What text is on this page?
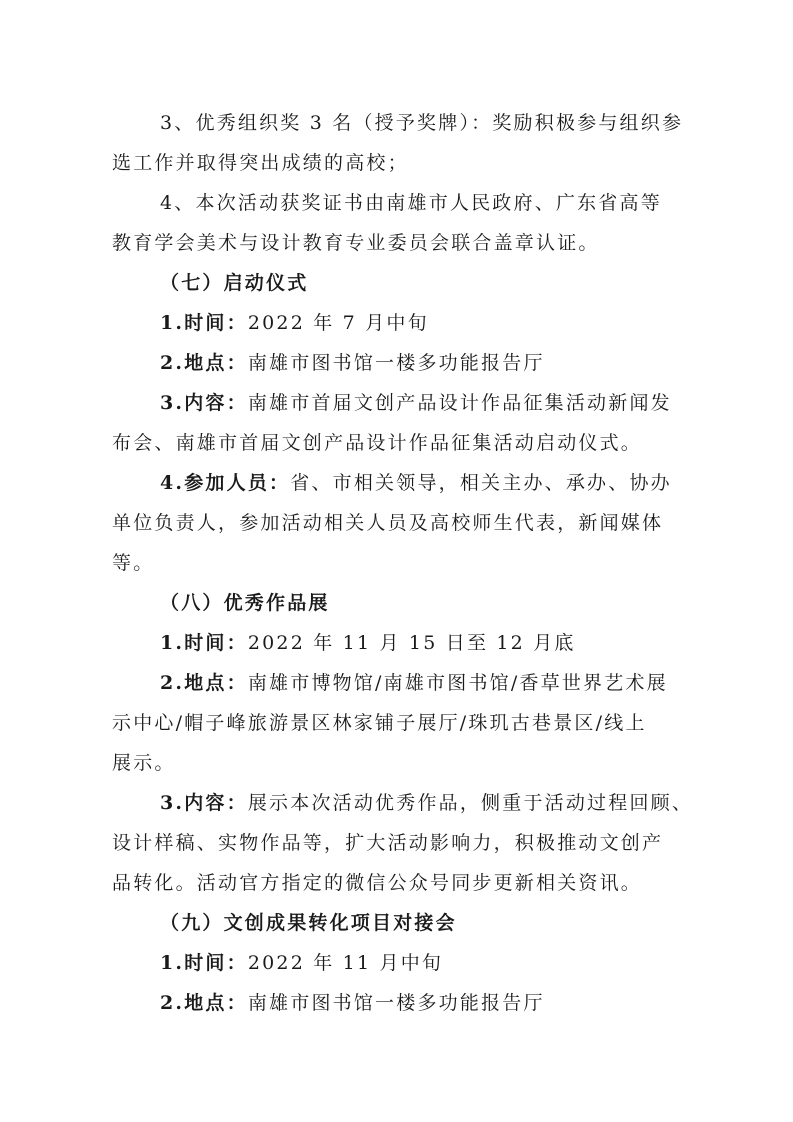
3、优秀组织奖 3 名（授予奖牌）：奖励积极参与组织参
选工作并取得突出成绩的高校；
4、本次活动获奖证书由南雄市人民政府、广东省高等
教育学会美术与设计教育专业委员会联合盖章认证。
（七）启动仪式
1.时间：2022 年 7 月中旬
2.地点：南雄市图书馆一楼多功能报告厅
3.内容：南雄市首届文创产品设计作品征集活动新闻发
布会、南雄市首届文创产品设计作品征集活动启动仪式。
4.参加人员：省、市相关领导，相关主办、承办、协办
单位负责人，参加活动相关人员及高校师生代表，新闻媒体
等。
（八）优秀作品展
1.时间：2022 年 11 月 15 日至 12 月底
2.地点：南雄市博物馆/南雄市图书馆/香草世界艺术展
示中心/帽子峰旅游景区林家铺子展厅/珠玑古巷景区/线上
展示。
3.内容：展示本次活动优秀作品，侧重于活动过程回顾、
设计样稿、实物作品等，扩大活动影响力，积极推动文创产
品转化。活动官方指定的微信公众号同步更新相关资讯。
（九）文创成果转化项目对接会
1.时间：2022 年 11 月中旬
2.地点：南雄市图书馆一楼多功能报告厅
